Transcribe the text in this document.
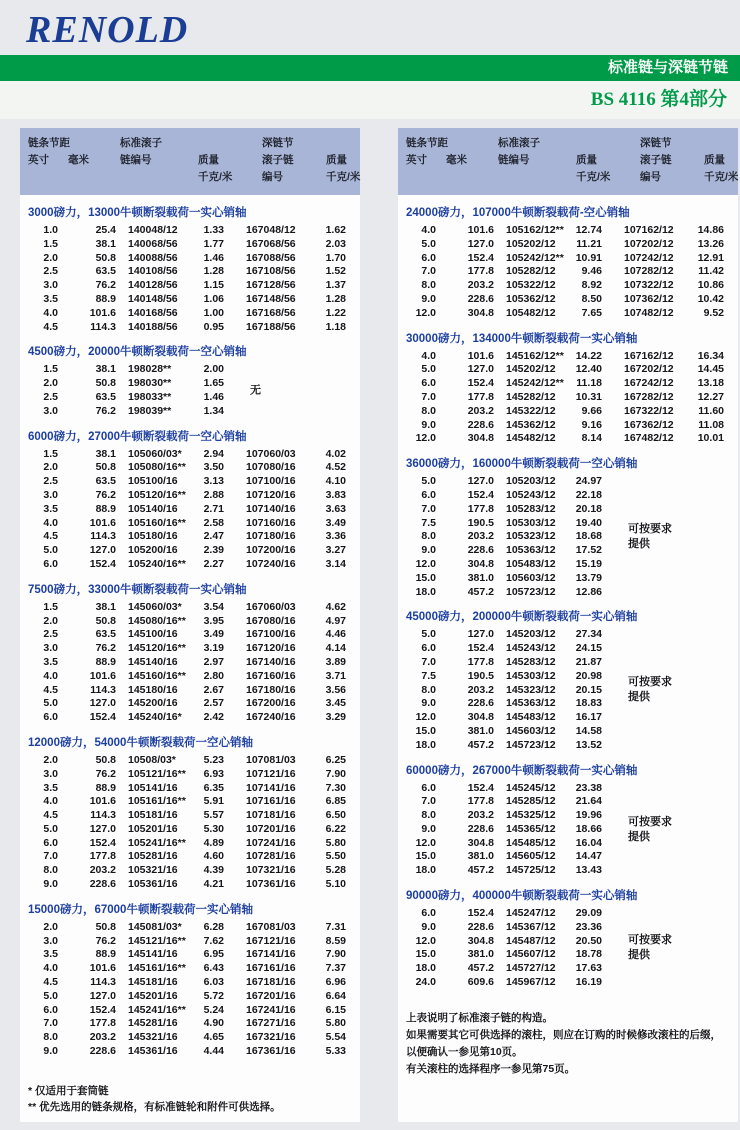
RENOLD
标准链与深链节链
BS 4116 第4部分
链条节距	标准滚子	深链节
英寸	毫米	链编号	质量	滚子链	质量
千克/米	编号	千克/米
3000磅力，13000牛顿断裂载荷一实心销轴
1.0	25.4	140048/12	1.33	167048/12	1.62
1.5	38.1	140068/56	1.77	167068/56	2.03
2.0	50.8	140088/56	1.46	167088/56	1.70
2.5	63.5	140108/56	1.28	167108/56	1.52
3.0	76.2	140128/56	1.15	167128/56	1.37
3.5	88.9	140148/56	1.06	167148/56	1.28
4.0	101.6	140168/56	1.00	167168/56	1.22
4.5	114.3	140188/56	0.95	167188/56	1.18
4500磅力，20000牛顿断裂载荷一空心销轴
1.5	38.1	198028**	2.00
2.0	50.8	198030**	1.65
2.5	63.5	198033**	1.46
3.0	76.2	198039**	1.34
无
6000磅力，27000牛顿断裂载荷一空心销轴
1.5	38.1	105060/03*	2.94	107060/03	4.02
2.0	50.8	105080/16**	3.50	107080/16	4.52
2.5	63.5	105100/16	3.13	107100/16	4.10
3.0	76.2	105120/16**	2.88	107120/16	3.83
3.5	88.9	105140/16	2.71	107140/16	3.63
4.0	101.6	105160/16**	2.58	107160/16	3.49
4.5	114.3	105180/16	2.47	107180/16	3.36
5.0	127.0	105200/16	2.39	107200/16	3.27
6.0	152.4	105240/16**	2.27	107240/16	3.14
7500磅力，33000牛顿断裂载荷一实心销轴
1.5	38.1	145060/03*	3.54	167060/03	4.62
2.0	50.8	145080/16**	3.95	167080/16	4.97
2.5	63.5	145100/16	3.49	167100/16	4.46
3.0	76.2	145120/16**	3.19	167120/16	4.14
3.5	88.9	145140/16	2.97	167140/16	3.89
4.0	101.6	145160/16**	2.80	167160/16	3.71
4.5	114.3	145180/16	2.67	167180/16	3.56
5.0	127.0	145200/16	2.57	167200/16	3.45
6.0	152.4	145240/16*	2.42	167240/16	3.29
12000磅力，54000牛顿断裂载荷一空心销轴
2.0	50.8	10508/03*	5.23	107081/03	6.25
3.0	76.2	105121/16**	6.93	107121/16	7.90
3.5	88.9	105141/16	6.35	107141/16	7.30
4.0	101.6	105161/16**	5.91	107161/16	6.85
4.5	114.3	105181/16	5.57	107181/16	6.50
5.0	127.0	105201/16	5.30	107201/16	6.22
6.0	152.4	105241/16**	4.89	107241/16	5.80
7.0	177.8	105281/16	4.60	107281/16	5.50
8.0	203.2	105321/16	4.39	107321/16	5.28
9.0	228.6	105361/16	4.21	107361/16	5.10
15000磅力，67000牛顿断裂载荷一实心销轴
2.0	50.8	145081/03*	6.28	167081/03	7.31
3.0	76.2	145121/16**	7.62	167121/16	8.59
3.5	88.9	145141/16	6.95	167141/16	7.90
4.0	101.6	145161/16**	6.43	167161/16	7.37
4.5	114.3	145181/16	6.03	167181/16	6.96
5.0	127.0	145201/16	5.72	167201/16	6.64
6.0	152.4	145241/16**	5.24	167241/16	6.15
7.0	177.8	145281/16	4.90	167271/16	5.80
8.0	203.2	145321/16	4.65	167321/16	5.54
9.0	228.6	145361/16	4.44	167361/16	5.33
* 仅适用于套筒链
** 优先选用的链条规格，有标准链轮和附件可供选择。
链条节距	标准滚子	深链节
英寸	毫米	链编号	质量	滚子链	质量
千克/米	编号	千克/米
24000磅力，107000牛顿断裂载荷-空心销轴
4.0	101.6	105162/12**	12.74	107162/12	14.86
5.0	127.0	105202/12	11.21	107202/12	13.26
6.0	152.4	105242/12**	10.91	107242/12	12.91
7.0	177.8	105282/12	9.46	107282/12	11.42
8.0	203.2	105322/12	8.92	107322/12	10.86
9.0	228.6	105362/12	8.50	107362/12	10.42
12.0	304.8	105482/12	7.65	107482/12	9.52
30000磅力，134000牛顿断裂载荷一实心销轴
4.0	101.6	145162/12**	14.22	167162/12	16.34
5.0	127.0	145202/12	12.40	167202/12	14.45
6.0	152.4	145242/12**	11.18	167242/12	13.18
7.0	177.8	145282/12	10.31	167282/12	12.27
8.0	203.2	145322/12	9.66	167322/12	11.60
9.0	228.6	145362/12	9.16	167362/12	11.08
12.0	304.8	145482/12	8.14	167482/12	10.01
36000磅力，160000牛顿断裂载荷一空心销轴
5.0	127.0	105203/12	24.97
6.0	152.4	105243/12	22.18
7.0	177.8	105283/12	20.18
7.5	190.5	105303/12	19.40
8.0	203.2	105323/12	18.68
9.0	228.6	105363/12	17.52
12.0	304.8	105483/12	15.19
15.0	381.0	105603/12	13.79
18.0	457.2	105723/12	12.86
可按要求
提供
45000磅力，200000牛顿断裂载荷一实心销轴
5.0	127.0	145203/12	27.34
6.0	152.4	145243/12	24.15
7.0	177.8	145283/12	21.87
7.5	190.5	145303/12	20.98
8.0	203.2	145323/12	20.15
9.0	228.6	145363/12	18.83
12.0	304.8	145483/12	16.17
15.0	381.0	145603/12	14.58
18.0	457.2	145723/12	13.52
可按要求
提供
60000磅力，267000牛顿断裂载荷一实心销轴
6.0	152.4	145245/12	23.38
7.0	177.8	145285/12	21.64
8.0	203.2	145325/12	19.96
9.0	228.6	145365/12	18.66
12.0	304.8	145485/12	16.04
15.0	381.0	145605/12	14.47
18.0	457.2	145725/12	13.43
可按要求
提供
90000磅力，400000牛顿断裂载荷一实心销轴
6.0	152.4	145247/12	29.09
9.0	228.6	145367/12	23.36
12.0	304.8	145487/12	20.50
15.0	381.0	145607/12	18.78
18.0	457.2	145727/12	17.63
24.0	609.6	145967/12	16.19
可按要求
提供
上表说明了标准滚子链的构造。
如果需要其它可供选择的滚柱，则应在订购的时候修改滚柱的后缀，以便确认一参见第10页。
有关滚柱的选择程序一参见第75页。
